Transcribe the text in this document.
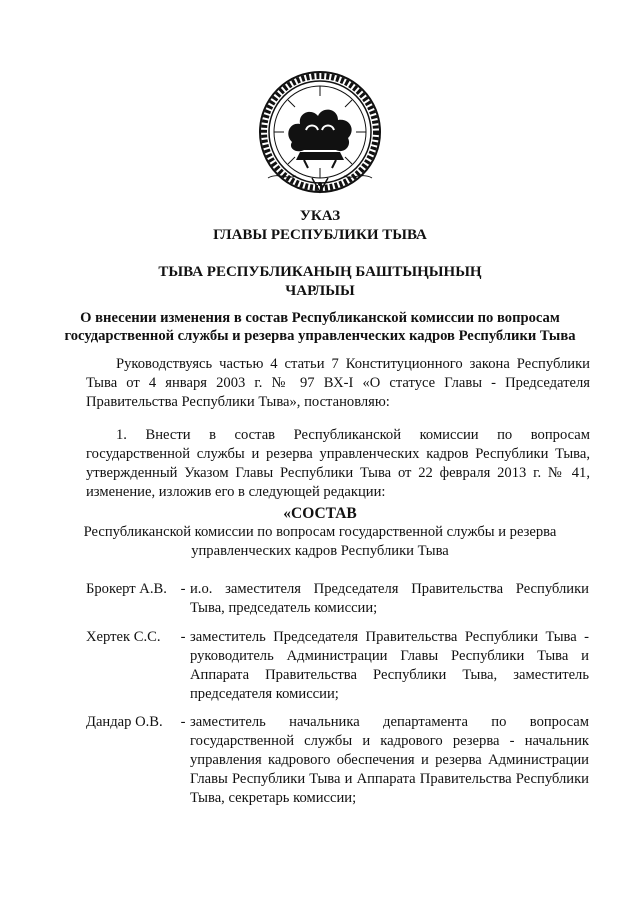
УКАЗ
ГЛАВЫ РЕСПУБЛИКИ ТЫВА
ТЫВА РЕСПУБЛИКАНЫҢ БАШТЫҢЫНЫҢ
ЧАРЛЫЫ
О внесении изменения в состав Республиканской комиссии по вопросам государственной службы и резерва управленческих кадров Республики Тыва
Руководствуясь частью 4 статьи 7 Конституционного закона Республики Тыва от 4 января 2003 г. № 97 ВХ-I «О статусе Главы - Председателя Правительства Республики Тыва», постановляю:
1. Внести в состав Республиканской комиссии по вопросам государственной службы и резерва управленческих кадров Республики Тыва, утвержденный Указом Главы Республики Тыва от 22 февраля 2013 г. № 41, изменение, изложив его в следующей редакции:
«СОСТАВ
Республиканской комиссии по вопросам государственной службы и резерва управленческих кадров Республики Тыва
Брокерт А.В. - и.о. заместителя Председателя Правительства Республики Тыва, председатель комиссии;
Хертек С.С.	- заместитель Председателя Правительства Республики Тыва - руководитель Администрации Главы Республики Тыва и Аппарата Правительства Республики Тыва, заместитель председателя комиссии;
Дандар О.В.	- заместитель начальника департамента по вопросам государственной службы и кадрового резерва - начальник управления кадрового обеспечения и резерва Администрации Главы Республики Тыва и Аппарата Правительства Республики Тыва, секретарь комиссии;
